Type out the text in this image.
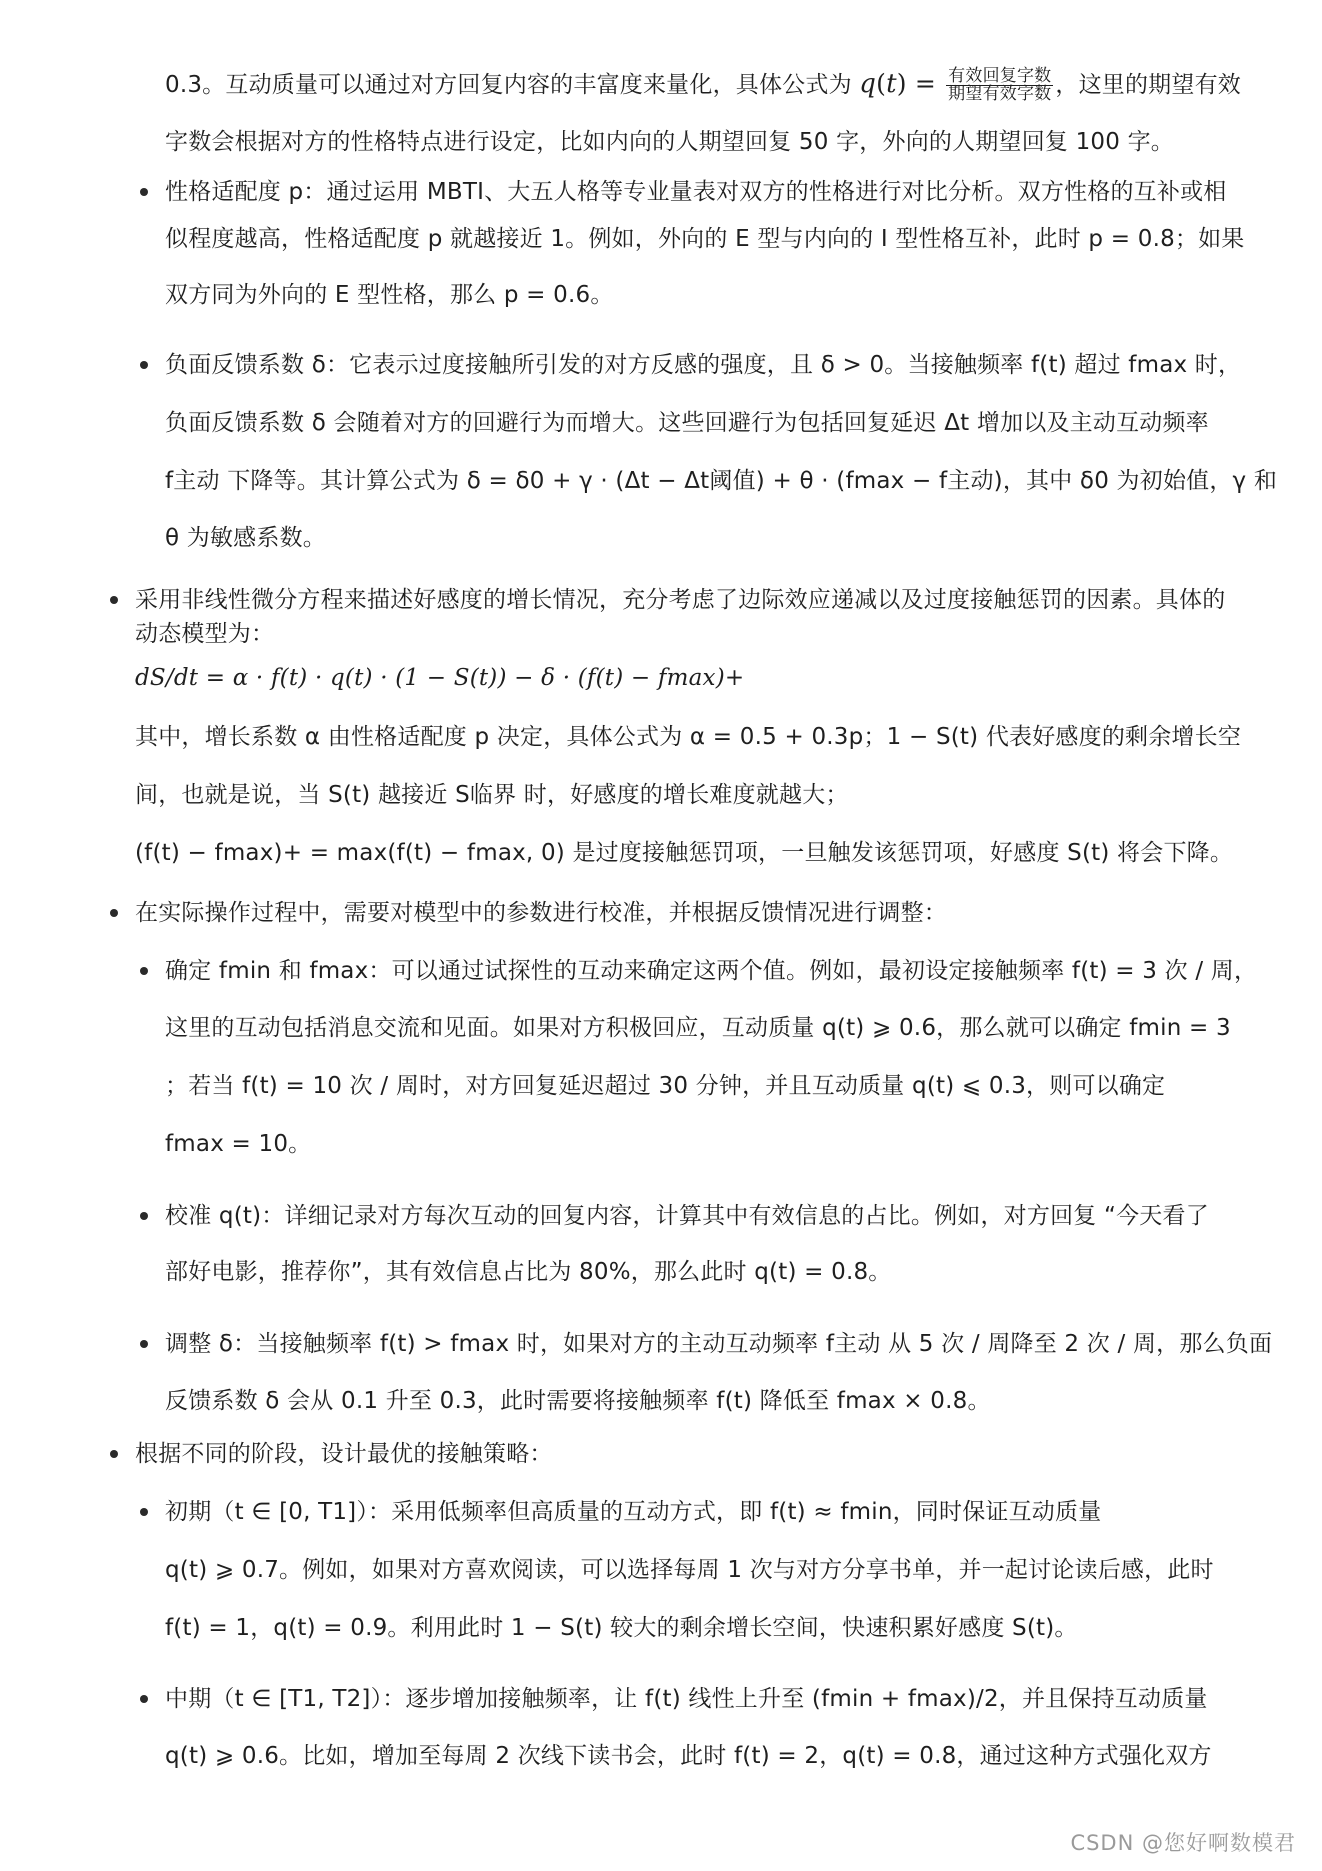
0.3。互动质量可以通过对方回复内容的丰富度来量化，具体公式为 $q(t) = \frac{\text{有效回复字数}}{\text{期望有效字数}}$ ，这里的期望有效
字数会根据对方的性格特点进行设定，比如内向的人期望回复 50 字，外向的人期望回复 100 字。
性格适配度 p：通过运用 MBTI、大五人格等专业量表对双方的性格进行对比分析。双方性格的互补或相
似程度越高，性格适配度 p 就越接近 1。例如，外向的 E 型与内向的 I 型性格互补，此时 p = 0.8；如果
双方同为外向的 E 型性格，那么 p = 0.6。
负面反馈系数 δ：它表示过度接触所引发的对方反感的强度，且 δ > 0。当接触频率 f(t) 超过 fmax 时，
负面反馈系数 δ 会随着对方的回避行为而增大。这些回避行为包括回复延迟 Δt 增加以及主动互动频率
f主动 下降等。其计算公式为 δ = δ0 + γ · (Δt − Δt阈值) + θ · (fmax − f主动)，其中 δ0 为初始值，γ 和
θ 为敏感系数。
采用非线性微分方程来描述好感度的增长情况，充分考虑了边际效应递减以及过度接触惩罚的因素。具体的
动态模型为：
dS/dt = α · f(t) · q(t) · (1 − S(t)) − δ · (f(t) − fmax)+
其中，增长系数 α 由性格适配度 p 决定，具体公式为 α = 0.5 + 0.3p；1 − S(t) 代表好感度的剩余增长空
间，也就是说，当 S(t) 越接近 S临界 时，好感度的增长难度就越大；
(f(t) − fmax)+ = max(f(t) − fmax, 0) 是过度接触惩罚项，一旦触发该惩罚项，好感度 S(t) 将会下降。
在实际操作过程中，需要对模型中的参数进行校准，并根据反馈情况进行调整：
确定 fmin 和 fmax：可以通过试探性的互动来确定这两个值。例如，最初设定接触频率 f(t) = 3 次 / 周，
这里的互动包括消息交流和见面。如果对方积极回应，互动质量 q(t) ⩾ 0.6，那么就可以确定 fmin = 3
；若当 f(t) = 10 次 / 周时，对方回复延迟超过 30 分钟，并且互动质量 q(t) ⩽ 0.3，则可以确定
fmax = 10。
校准 q(t)：详细记录对方每次互动的回复内容，计算其中有效信息的占比。例如，对方回复 “今天看了
部好电影，推荐你”，其有效信息占比为 80%，那么此时 q(t) = 0.8。
调整 δ：当接触频率 f(t) > fmax 时，如果对方的主动互动频率 f主动 从 5 次 / 周降至 2 次 / 周，那么负面
反馈系数 δ 会从 0.1 升至 0.3，此时需要将接触频率 f(t) 降低至 fmax × 0.8。
根据不同的阶段，设计最优的接触策略：
初期（t ∈ [0, T1]）：采用低频率但高质量的互动方式，即 f(t) ≈ fmin，同时保证互动质量
q(t) ⩾ 0.7。例如，如果对方喜欢阅读，可以选择每周 1 次与对方分享书单，并一起讨论读后感，此时
f(t) = 1，q(t) = 0.9。利用此时 1 − S(t) 较大的剩余增长空间，快速积累好感度 S(t)。
中期（t ∈ [T1, T2]）：逐步增加接触频率，让 f(t) 线性上升至 (fmin + fmax)/2，并且保持互动质量
q(t) ⩾ 0.6。比如，增加至每周 2 次线下读书会，此时 f(t) = 2，q(t) = 0.8，通过这种方式强化双方
CSDN @您好啊数模君
